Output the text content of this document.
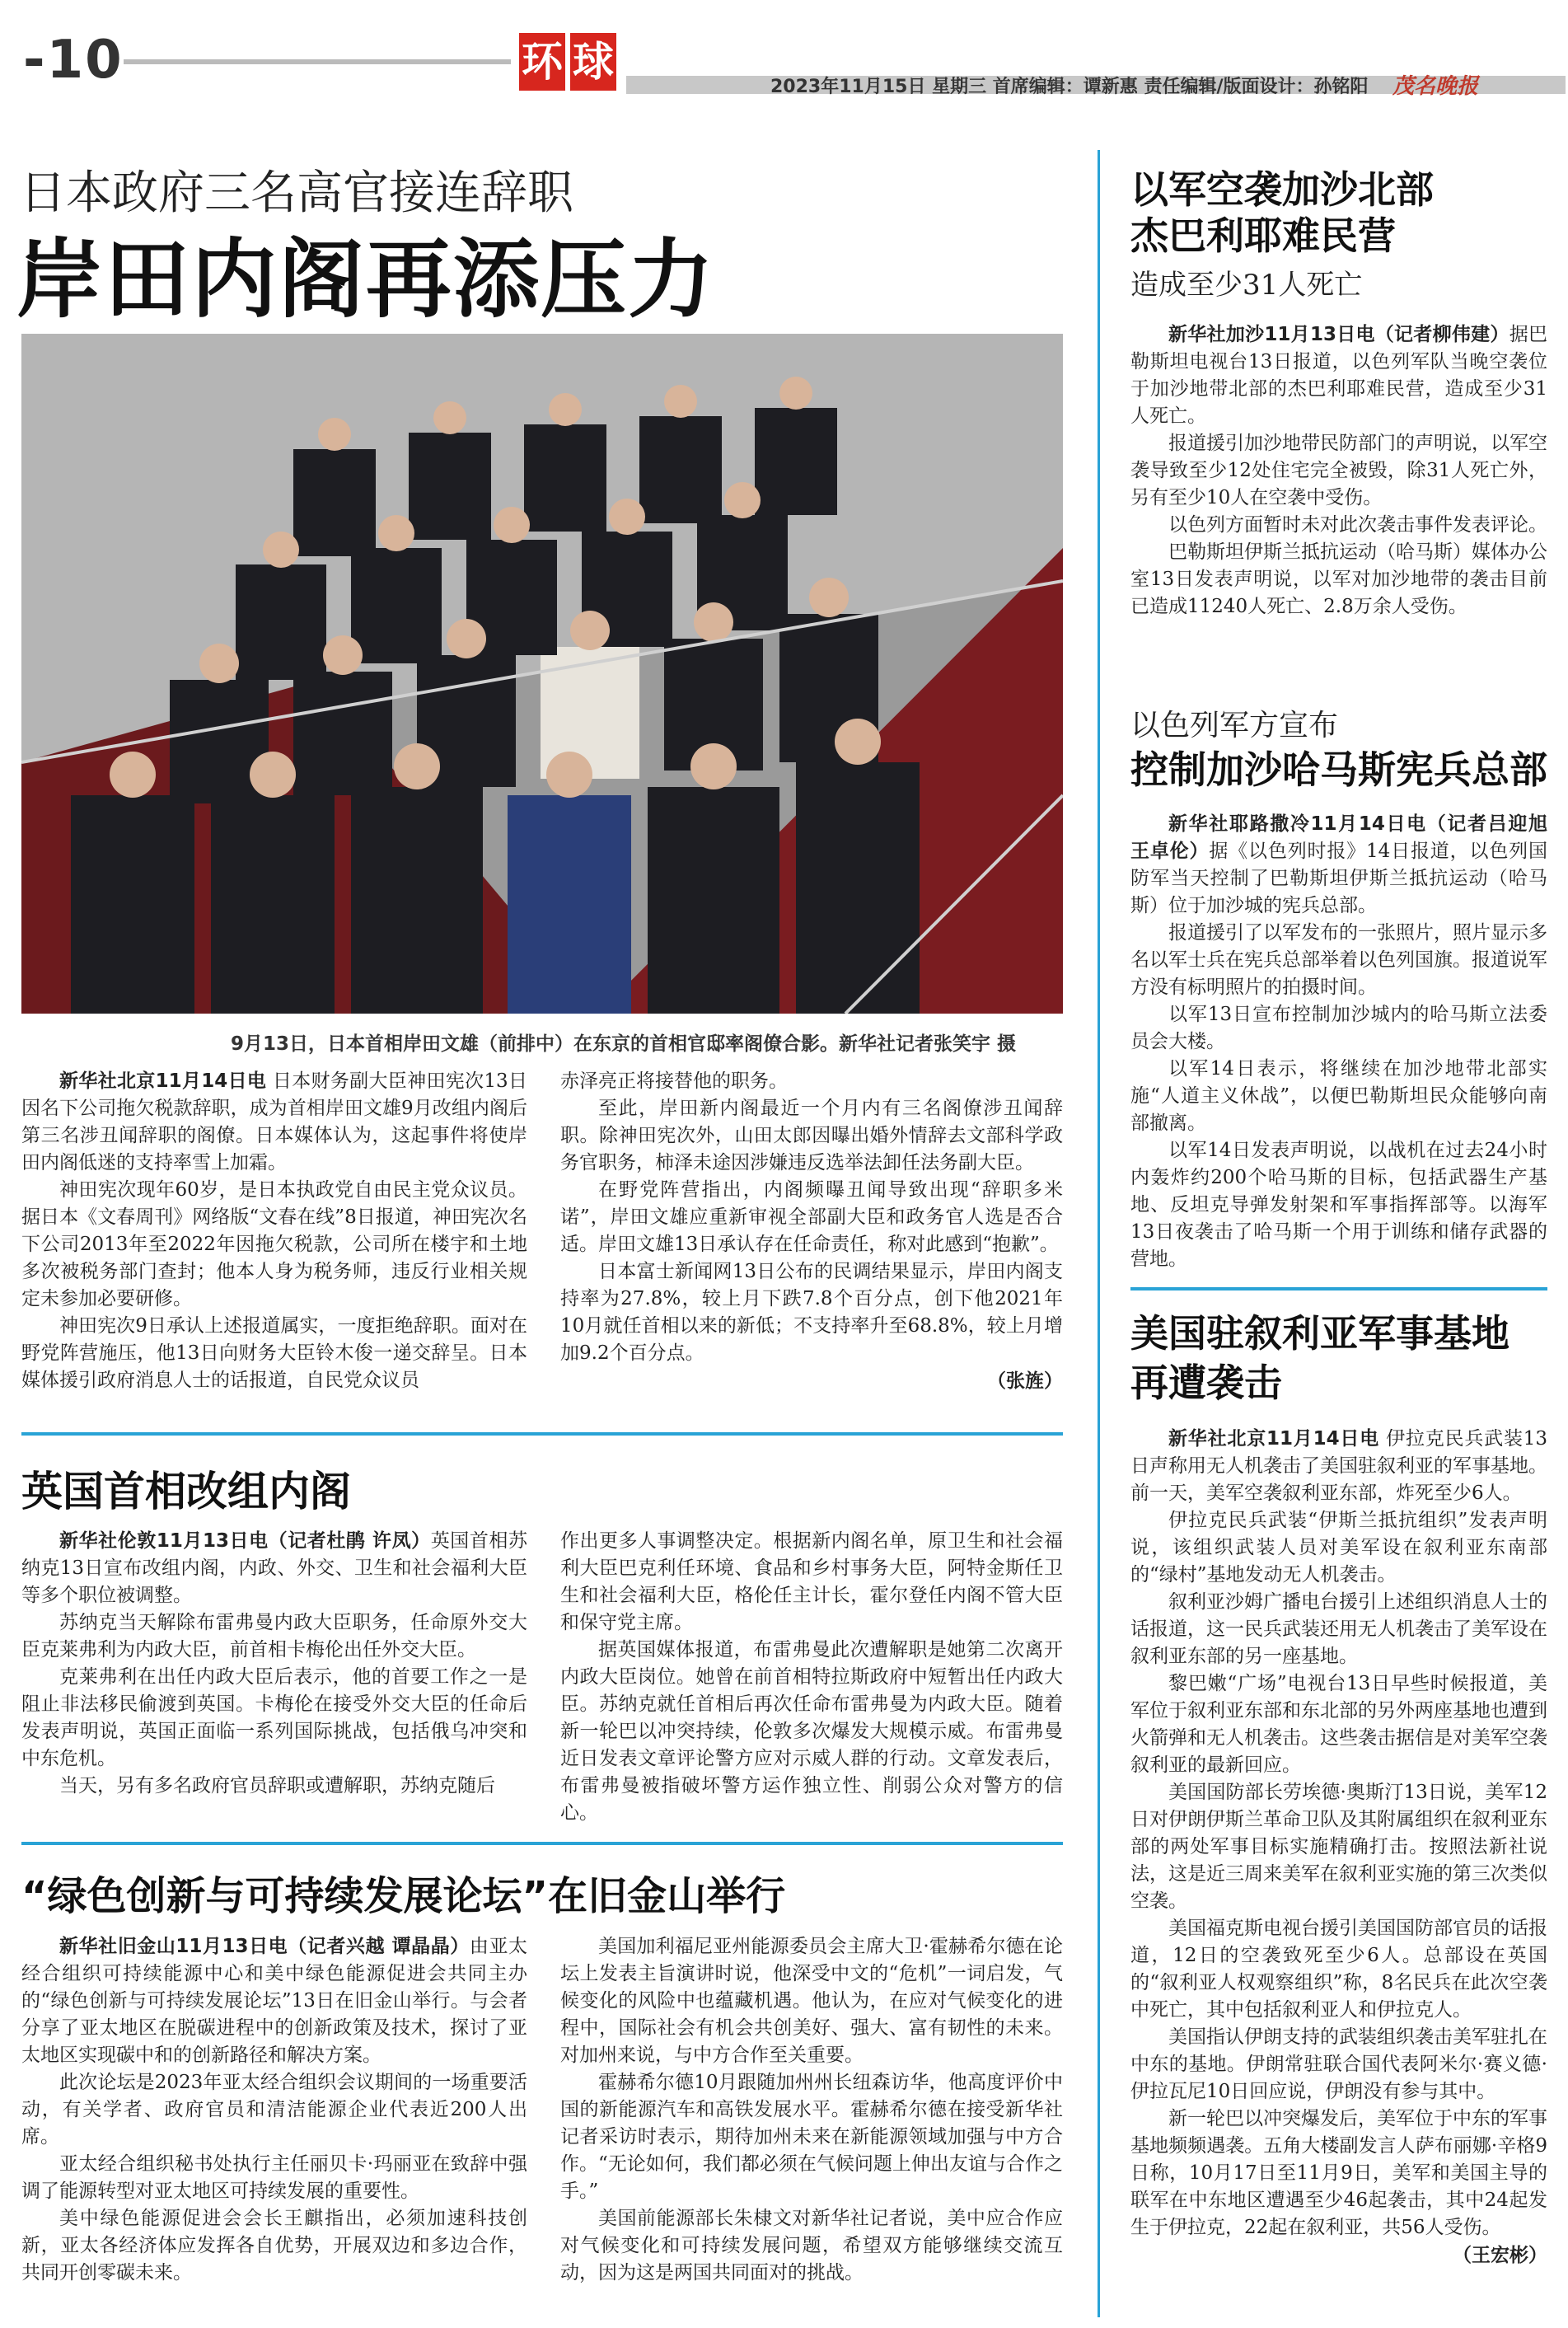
-10	环 球
2023年11月15日 星期三 首席编辑：谭新惠 责任编辑/版面设计：孙铭阳 茂名晚报
日本政府三名高官接连辞职
岸田内阁再添压力
9月13日，日本首相岸田文雄（前排中）在东京的首相官邸率阁僚合影。新华社记者张笑宇 摄

新华社北京11月14日电 日本财务副大臣神田宪次13日因名下公司拖欠税款辞职，成为首相岸田文雄9月改组内阁后第三名涉丑闻辞职的阁僚。日本媒体认为，这起事件将使岸田内阁低迷的支持率雪上加霜。

神田宪次现年60岁，是日本执政党自由民主党众议员。据日本《文春周刊》网络版“文春在线”8日报道，神田宪次名下公司2013年至2022年因拖欠税款，公司所在楼宇和土地多次被税务部门查封；他本人身为税务师，违反行业相关规定未参加必要研修。

神田宪次9日承认上述报道属实，一度拒绝辞职。面对在野党阵营施压，他13日向财务大臣铃木俊一递交辞呈。日本媒体援引政府消息人士的话报道，自民党众议员

赤泽亮正将接替他的职务。

至此，岸田新内阁最近一个月内有三名阁僚涉丑闻辞职。除神田宪次外，山田太郎因曝出婚外情辞去文部科学政务官职务，柿泽未途因涉嫌违反选举法卸任法务副大臣。

在野党阵营指出，内阁频曝丑闻导致出现“辞职多米诺”，岸田文雄应重新审视全部副大臣和政务官人选是否合适。岸田文雄13日承认存在任命责任，称对此感到“抱歉”。

日本富士新闻网13日公布的民调结果显示，岸田内阁支持率为27.8%，较上月下跌7.8个百分点，创下他2021年10月就任首相以来的新低；不支持率升至68.8%，较上月增加9.2个百分点。

（张旌）
英国首相改组内阁

新华社伦敦11月13日电（记者杜鹃 许凤）英国首相苏纳克13日宣布改组内阁，内政、外交、卫生和社会福利大臣等多个职位被调整。

苏纳克当天解除布雷弗曼内政大臣职务，任命原外交大臣克莱弗利为内政大臣，前首相卡梅伦出任外交大臣。

克莱弗利在出任内政大臣后表示，他的首要工作之一是阻止非法移民偷渡到英国。卡梅伦在接受外交大臣的任命后发表声明说，英国正面临一系列国际挑战，包括俄乌冲突和中东危机。

当天，另有多名政府官员辞职或遭解职，苏纳克随后

作出更多人事调整决定。根据新内阁名单，原卫生和社会福利大臣巴克利任环境、食品和乡村事务大臣，阿特金斯任卫生和社会福利大臣，格伦任主计长，霍尔登任内阁不管大臣和保守党主席。

据英国媒体报道，布雷弗曼此次遭解职是她第二次离开内政大臣岗位。她曾在前首相特拉斯政府中短暂出任内政大臣。苏纳克就任首相后再次任命布雷弗曼为内政大臣。随着新一轮巴以冲突持续，伦敦多次爆发大规模示威。布雷弗曼近日发表文章评论警方应对示威人群的行动。文章发表后，布雷弗曼被指破坏警方运作独立性、削弱公众对警方的信心。

“绿色创新与可持续发展论坛”在旧金山举行

新华社旧金山11月13日电（记者兴越 谭晶晶）由亚太经合组织可持续能源中心和美中绿色能源促进会共同主办的“绿色创新与可持续发展论坛”13日在旧金山举行。与会者分享了亚太地区在脱碳进程中的创新政策及技术，探讨了亚太地区实现碳中和的创新路径和解决方案。

此次论坛是2023年亚太经合组织会议期间的一场重要活动，有关学者、政府官员和清洁能源企业代表近200人出席。

亚太经合组织秘书处执行主任丽贝卡·玛丽亚在致辞中强调了能源转型对亚太地区可持续发展的重要性。

美中绿色能源促进会会长王麒指出，必须加速科技创新，亚太各经济体应发挥各自优势，开展双边和多边合作，共同开创零碳未来。

美国加利福尼亚州能源委员会主席大卫·霍赫希尔德在论坛上发表主旨演讲时说，他深受中文的“危机”一词启发，气候变化的风险中也蕴藏机遇。他认为，在应对气候变化的进程中，国际社会有机会共创美好、强大、富有韧性的未来。对加州来说，与中方合作至关重要。

霍赫希尔德10月跟随加州州长纽森访华，他高度评价中国的新能源汽车和高铁发展水平。霍赫希尔德在接受新华社记者采访时表示，期待加州未来在新能源领域加强与中方合作。“无论如何，我们都必须在气候问题上伸出友谊与合作之手。”

美国前能源部长朱棣文对新华社记者说，美中应合作应对气候变化和可持续发展问题，希望双方能够继续交流互动，因为这是两国共同面对的挑战。

以军空袭加沙北部
杰巴利耶难民营
造成至少31人死亡

新华社加沙11月13日电（记者柳伟建）据巴勒斯坦电视台13日报道，以色列军队当晚空袭位于加沙地带北部的杰巴利耶难民营，造成至少31人死亡。

报道援引加沙地带民防部门的声明说，以军空袭导致至少12处住宅完全被毁，除31人死亡外，另有至少10人在空袭中受伤。

以色列方面暂时未对此次袭击事件发表评论。

巴勒斯坦伊斯兰抵抗运动（哈马斯）媒体办公室13日发表声明说，以军对加沙地带的袭击目前已造成11240人死亡、2.8万余人受伤。

以色列军方宣布
控制加沙哈马斯宪兵总部

新华社耶路撒冷11月14日电（记者吕迎旭 王卓伦）据《以色列时报》14日报道，以色列国防军当天控制了巴勒斯坦伊斯兰抵抗运动（哈马斯）位于加沙城的宪兵总部。

报道援引了以军发布的一张照片，照片显示多名以军士兵在宪兵总部举着以色列国旗。报道说军方没有标明照片的拍摄时间。

以军13日宣布控制加沙城内的哈马斯立法委员会大楼。

以军14日表示，将继续在加沙地带北部实施“人道主义休战”，以便巴勒斯坦民众能够向南部撤离。

以军14日发表声明说，以战机在过去24小时内轰炸约200个哈马斯的目标，包括武器生产基地、反坦克导弹发射架和军事指挥部等。以海军13日夜袭击了哈马斯一个用于训练和储存武器的营地。

美国驻叙利亚军事基地
再遭袭击

新华社北京11月14日电 伊拉克民兵武装13日声称用无人机袭击了美国驻叙利亚的军事基地。前一天，美军空袭叙利亚东部，炸死至少6人。

伊拉克民兵武装“伊斯兰抵抗组织”发表声明说，该组织武装人员对美军设在叙利亚东南部的“绿村”基地发动无人机袭击。

叙利亚沙姆广播电台援引上述组织消息人士的话报道，这一民兵武装还用无人机袭击了美军设在叙利亚东部的另一座基地。

黎巴嫩“广场”电视台13日早些时候报道，美军位于叙利亚东部和东北部的另外两座基地也遭到火箭弹和无人机袭击。这些袭击据信是对美军空袭叙利亚的最新回应。

美国国防部长劳埃德·奥斯汀13日说，美军12日对伊朗伊斯兰革命卫队及其附属组织在叙利亚东部的两处军事目标实施精确打击。按照法新社说法，这是近三周来美军在叙利亚实施的第三次类似空袭。

美国福克斯电视台援引美国国防部官员的话报道，12日的空袭致死至少6人。总部设在英国的“叙利亚人权观察组织”称，8名民兵在此次空袭中死亡，其中包括叙利亚人和伊拉克人。

美国指认伊朗支持的武装组织袭击美军驻扎在中东的基地。伊朗常驻联合国代表阿米尔·赛义德·伊拉瓦尼10日回应说，伊朗没有参与其中。

新一轮巴以冲突爆发后，美军位于中东的军事基地频频遇袭。五角大楼副发言人萨布丽娜·辛格9日称，10月17日至11月9日，美军和美国主导的联军在中东地区遭遇至少46起袭击，其中24起发生于伊拉克，22起在叙利亚，共56人受伤。

（王宏彬）
